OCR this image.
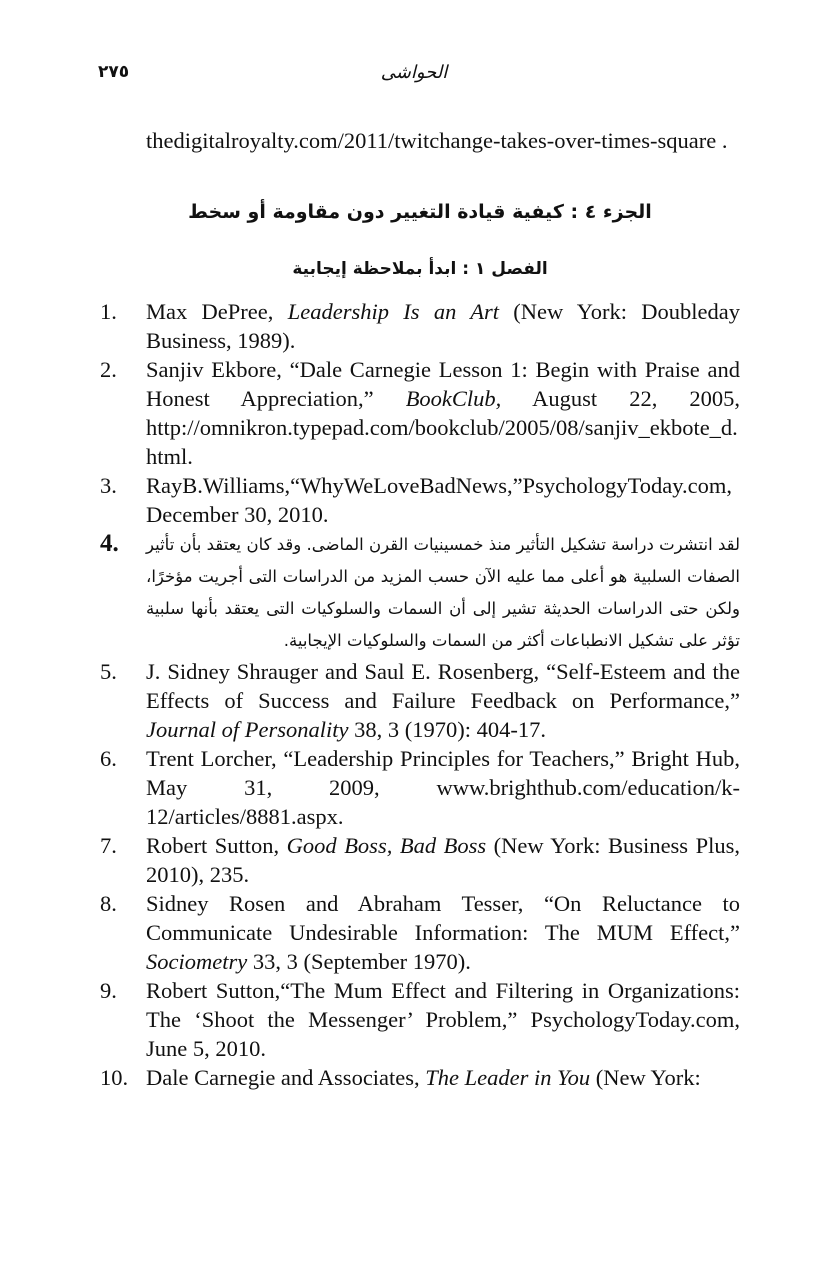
٢٧٥	الحواشى
thedigitalroyalty.com/2011/twitchange-takes-over-times-square .
الجزء ٤ : كيفية قيادة التغيير دون مقاومة أو سخط
الفصل ١ : ابدأ بملاحظة إيجابية
1.	Max DePree, Leadership Is an Art (New York: Doubleday Business, 1989).
2.	Sanjiv Ekbore, “Dale Carnegie Lesson 1: Begin with Praise and Honest Appreciation,” BookClub, August 22, 2005, http://omnikron.typepad.com/bookclub/2005/08/sanjiv_ekbote_d.html.
3.	RayB.Williams,“WhyWeLoveBadNews,”PsychologyToday.com, December 30, 2010.
4.	لقد انتشرت دراسة تشكيل التأثير منذ خمسينيات القرن الماضى. وقد كان يعتقد بأن تأثير الصفات السلبية هو أعلى مما عليه الآن حسب المزيد من الدراسات التى أجريت مؤخرًا، ولكن حتى الدراسات الحديثة تشير إلى أن السمات والسلوكيات التى يعتقد بأنها سلبية تؤثر على تشكيل الانطباعات أكثر من السمات والسلوكيات الإيجابية.
5.	J. Sidney Shrauger and Saul E. Rosenberg, “Self-Esteem and the Effects of Success and Failure Feedback on Performance,” Journal of Personality 38, 3 (1970): 404-17.
6.	Trent Lorcher, “Leadership Principles for Teachers,” Bright Hub, May 31, 2009, www.brighthub.com/education/k-12/articles/8881.aspx.
7.	Robert Sutton, Good Boss, Bad Boss (New York: Business Plus, 2010), 235.
8.	Sidney Rosen and Abraham Tesser, “On Reluctance to Communicate Undesirable Information: The MUM Effect,” Sociometry 33, 3 (September 1970).
9.	Robert Sutton,“The Mum Effect and Filtering in Organizations: The ‘Shoot the Messenger’ Problem,” PsychologyToday.com, June 5, 2010.
10. Dale Carnegie and Associates, The Leader in You (New York:
